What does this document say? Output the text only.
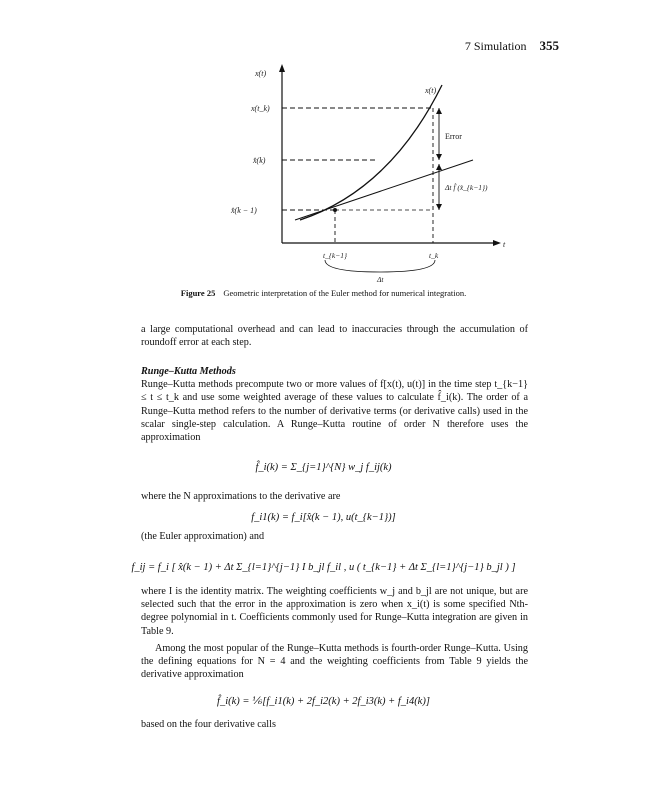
7 Simulation 355
x(t)
t
x(t)
x(t_k)
x̂(k)
x̂(k − 1)
Error
Δt f̂ (x̂_{k−1})
t_{k−1}	t_k
Δt
Figure 25 Geometric interpretation of the Euler method for numerical integration.

a large computational overhead and can lead to inaccuracies through the accumulation of roundoff error at each step.

Runge–Kutta Methods

Runge–Kutta methods precompute two or more values of f[x(t), u(t)] in the time step t_{k−1} ≤ t ≤ t_k and use some weighted average of these values to calculate f̂_i(k). The order of a Runge–Kutta method refers to the number of derivative terms (or derivative calls) used in the scalar single-step calculation. A Runge–Kutta routine of order N therefore uses the approximation

f̂_i(k) = Σ_{j=1}^{N} w_j f_ij(k)

where the N approximations to the derivative are

f_i1(k) = f_i[x̂(k − 1), u(t_{k−1})]

(the Euler approximation) and

f_ij = f_i [ x̂(k − 1) + Δt Σ_{l=1}^{j−1} I b_jl f_il , u ( t_{k−1} + Δt Σ_{l=1}^{j−1} b_jl ) ]

where I is the identity matrix. The weighting coefficients w_j and b_jl are not unique, but are selected such that the error in the approximation is zero when x_i(t) is some specified Nth-degree polynomial in t. Coefficients commonly used for Runge–Kutta integration are given in Table 9.

Among the most popular of the Runge–Kutta methods is fourth-order Runge–Kutta. Using the defining equations for N = 4 and the weighting coefficients from Table 9 yields the derivative approximation

f̂_i(k) = ⅙[f_i1(k) + 2f_i2(k) + 2f_i3(k) + f_i4(k)]

based on the four derivative calls
